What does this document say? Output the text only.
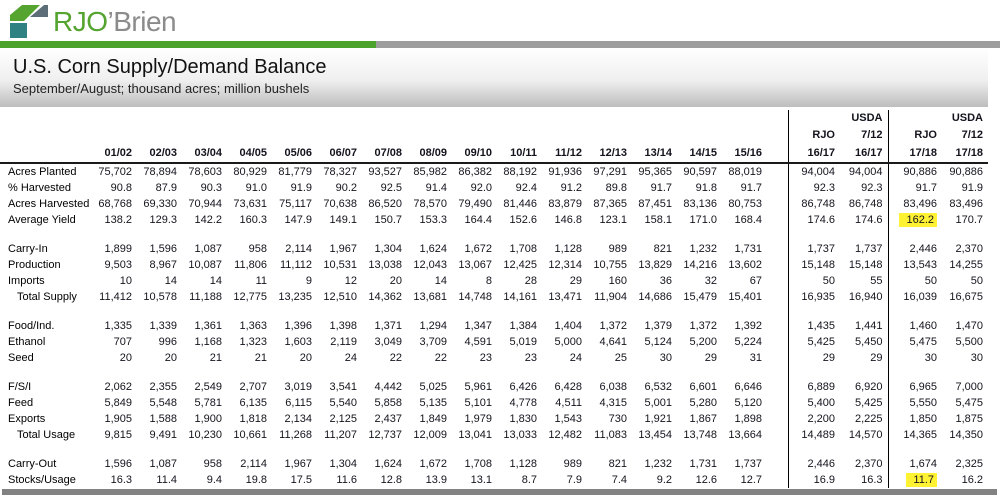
RJO’Brien
U.S. Corn Supply/Demand Balance
September/August; thousand acres; million bushels
																		USDA		USDA
																	RJO	7/12	RJO	7/12
	01/02	02/03	03/04	04/05	05/06	06/07	07/08	08/09	09/10	10/11	11/12	12/13	13/14	14/15	15/16		16/17	16/17	17/18	17/18
Acres Planted	75,702	78,894	78,603	80,929	81,779	78,327	93,527	85,982	86,382	88,192	91,936	97,291	95,365	90,597	88,019		94,004	94,004	90,886	90,886
% Harvested	90.8	87.9	90.3	91.0	91.9	90.2	92.5	91.4	92.0	92.4	91.2	89.8	91.7	91.8	91.7		92.3	92.3	91.7	91.9
Acres Harvested	68,768	69,330	70,944	73,631	75,117	70,638	86,520	78,570	79,490	81,446	83,879	87,365	87,451	83,136	80,753		86,748	86,748	83,496	83,496
Average Yield	138.2	129.3	142.2	160.3	147.9	149.1	150.7	153.3	164.4	152.6	146.8	123.1	158.1	171.0	168.4		174.6	174.6	162.2	170.7

Carry-In	1,899	1,596	1,087	958	2,114	1,967	1,304	1,624	1,672	1,708	1,128	989	821	1,232	1,731		1,737	1,737	2,446	2,370
Production	9,503	8,967	10,087	11,806	11,112	10,531	13,038	12,043	13,067	12,425	12,314	10,755	13,829	14,216	13,602		15,148	15,148	13,543	14,255
Imports	10	14	14	11	9	12	20	14	8	28	29	160	36	32	67		50	55	50	50
Total Supply	11,412	10,578	11,188	12,775	13,235	12,510	14,362	13,681	14,748	14,161	13,471	11,904	14,686	15,479	15,401		16,935	16,940	16,039	16,675

Food/Ind.	1,335	1,339	1,361	1,363	1,396	1,398	1,371	1,294	1,347	1,384	1,404	1,372	1,379	1,372	1,392		1,435	1,441	1,460	1,470
Ethanol	707	996	1,168	1,323	1,603	2,119	3,049	3,709	4,591	5,019	5,000	4,641	5,124	5,200	5,224		5,425	5,450	5,475	5,500
Seed	20	20	21	21	20	24	22	22	23	23	24	25	30	29	31		29	29	30	30

F/S/I	2,062	2,355	2,549	2,707	3,019	3,541	4,442	5,025	5,961	6,426	6,428	6,038	6,532	6,601	6,646		6,889	6,920	6,965	7,000
Feed	5,849	5,548	5,781	6,135	6,115	5,540	5,858	5,135	5,101	4,778	4,511	4,315	5,001	5,280	5,120		5,400	5,425	5,550	5,475
Exports	1,905	1,588	1,900	1,818	2,134	2,125	2,437	1,849	1,979	1,830	1,543	730	1,921	1,867	1,898		2,200	2,225	1,850	1,875
Total Usage	9,815	9,491	10,230	10,661	11,268	11,207	12,737	12,009	13,041	13,033	12,482	11,083	13,454	13,748	13,664		14,489	14,570	14,365	14,350

Carry-Out	1,596	1,087	958	2,114	1,967	1,304	1,624	1,672	1,708	1,128	989	821	1,232	1,731	1,737		2,446	2,370	1,674	2,325
Stocks/Usage	16.3	11.4	9.4	19.8	17.5	11.6	12.8	13.9	13.1	8.7	7.9	7.4	9.2	12.6	12.7		16.9	16.3	11.7	16.2
